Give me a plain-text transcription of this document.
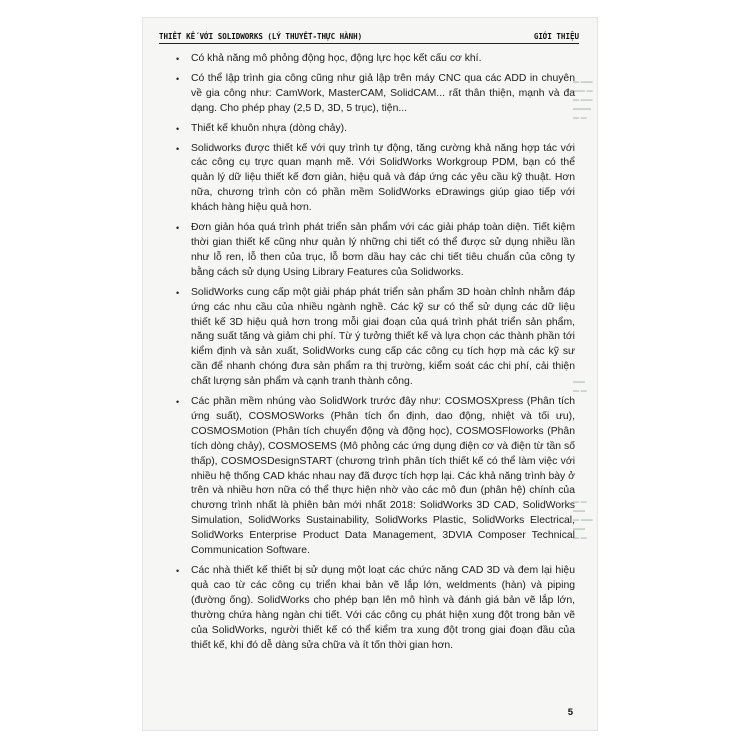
THIẾT KẾ VỚI SOLIDWORKS (LÝ THUYẾT-THỰC HÀNH)	GIỚI THIỆU
▬ ▬▬
▬▬ ▬
▬ ▬▬
▬▬▬
▬ ▬
▬▬
▬ ▬
▬ ▬
▬▬
▬ ▬▬
▬▬
▬ ▬
• Có khả năng mô phỏng động học, động lực học kết cấu cơ khí.
• Có thể lập trình gia công cũng như giả lập trên máy CNC qua các ADD in chuyên về gia công như: CamWork, MasterCAM, SolidCAM... rất thân thiện, mạnh và đa dạng. Cho phép phay (2,5 D, 3D, 5 trục), tiện...
• Thiết kế khuôn nhựa (dòng chảy).
• Solidworks được thiết kế với quy trình tự động, tăng cường khả năng hợp tác với các công cụ trực quan mạnh mẽ. Với SolidWorks Workgroup PDM, bạn có thể quản lý dữ liệu thiết kế đơn giản, hiệu quả và đáp ứng các yêu cầu kỹ thuật. Hơn nữa, chương trình còn có phần mềm SolidWorks eDrawings giúp giao tiếp với khách hàng hiệu quả hơn.
• Đơn giản hóa quá trình phát triển sản phẩm với các giải pháp toàn diện. Tiết kiệm thời gian thiết kế cũng như quản lý những chi tiết có thể được sử dụng nhiều lần như lỗ ren, lỗ then của trục, lỗ bơm dầu hay các chi tiết tiêu chuẩn của công ty bằng cách sử dụng Using Library Features của Solidworks.
• SolidWorks cung cấp một giải pháp phát triển sản phẩm 3D hoàn chỉnh nhằm đáp ứng các nhu cầu của nhiều ngành nghề. Các kỹ sư có thể sử dụng các dữ liệu thiết kế 3D hiệu quả hơn trong mỗi giai đoạn của quá trình phát triển sản phẩm, năng suất tăng và giảm chi phí. Từ ý tưởng thiết kế và lựa chọn các thành phần tới kiểm định và sản xuất, SolidWorks cung cấp các công cụ tích hợp mà các kỹ sư cần để nhanh chóng đưa sản phẩm ra thị trường, kiểm soát các chi phí, cải thiện chất lượng sản phẩm và cạnh tranh thành công.
• Các phần mềm nhúng vào SolidWork trước đây như: COSMOSXpress (Phân tích ứng suất), COSMOSWorks (Phân tích ổn định, dao động, nhiệt và tối ưu), COSMOSMotion (Phân tích chuyển động và động học), COSMOSFloworks (Phân tích dòng chảy), COSMOSEMS (Mô phỏng các ứng dụng điện cơ và điện từ tần số thấp), COSMOSDesignSTART (chương trình phân tích thiết kế có thể làm việc với nhiều hệ thống CAD khác nhau nay đã được tích hợp lại. Các khả năng trình bày ở trên và nhiều hơn nữa có thể thực hiện nhờ vào các mô đun (phân hệ) chính của chương trình nhất là phiên bản mới nhất 2018: SolidWorks 3D CAD, SolidWorks Simulation, SolidWorks Sustainability, SolidWorks Plastic, SolidWorks Electrical, SolidWorks Enterprise Product Data Management, 3DVIA Composer Technical Communication Software.
• Các nhà thiết kế thiết bị sử dụng một loạt các chức năng CAD 3D và đem lại hiệu quả cao từ các công cụ triển khai bản vẽ lắp lớn, weldments (hàn) và piping (đường ống). SolidWorks cho phép bạn lên mô hình và đánh giá bản vẽ lắp lớn, thường chứa hàng ngàn chi tiết. Với các công cụ phát hiện xung đột trong bản vẽ của SolidWorks, người thiết kế có thể kiểm tra xung đột trong giai đoạn đầu của thiết kế, khi đó dễ dàng sửa chữa và ít tốn thời gian hơn.
5
